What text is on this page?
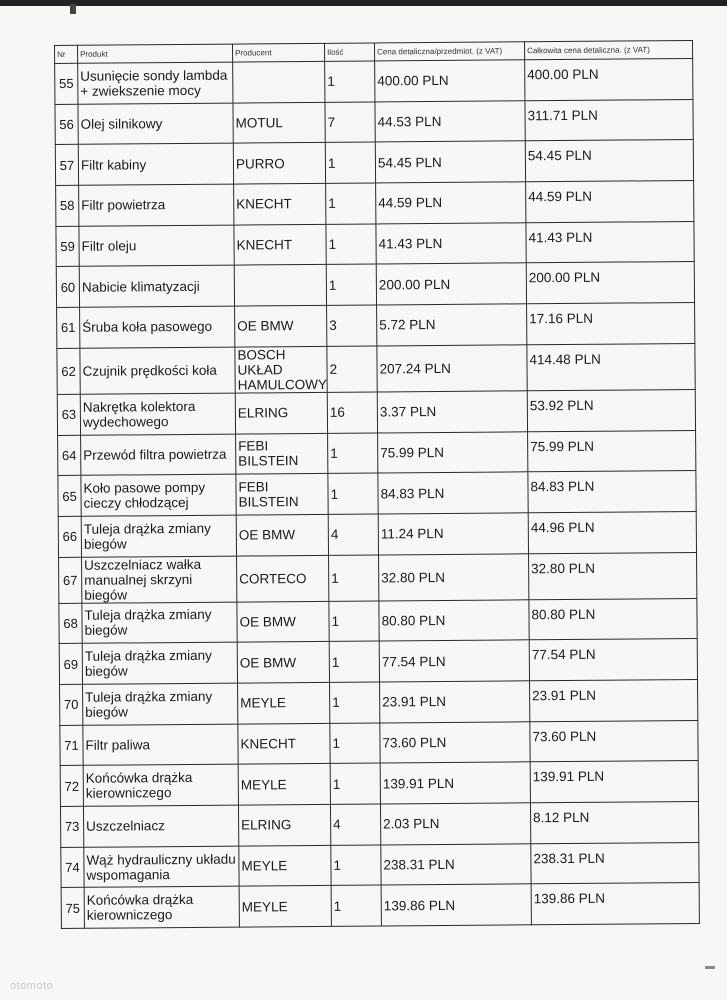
Nr	Produkt	Producent	Ilość	Cena detaliczna/przedmiot. (z VAT)	Całkowita cena detaliczna. (z VAT)
55	Usunięcie sondy lambda + zwiekszenie mocy		1	400.00 PLN	400.00 PLN
56	Olej silnikowy	MOTUL	7	44.53 PLN	311.71 PLN
57	Filtr kabiny	PURRO	1	54.45 PLN	54.45 PLN
58	Filtr powietrza	KNECHT	1	44.59 PLN	44.59 PLN
59	Filtr oleju	KNECHT	1	41.43 PLN	41.43 PLN
60	Nabicie klimatyzacji		1	200.00 PLN	200.00 PLN
61	Śruba koła pasowego	OE BMW	3	5.72 PLN	17.16 PLN
62	Czujnik prędkości koła	BOSCH UKŁAD HAMULCOWY	2	207.24 PLN	414.48 PLN
63	Nakrętka kolektora wydechowego	ELRING	16	3.37 PLN	53.92 PLN
64	Przewód filtra powietrza	FEBI BILSTEIN	1	75.99 PLN	75.99 PLN
65	Koło pasowe pompy cieczy chłodzącej	FEBI BILSTEIN	1	84.83 PLN	84.83 PLN
66	Tuleja drążka zmiany biegów	OE BMW	4	11.24 PLN	44.96 PLN
67	Uszczelniacz wałka manualnej skrzyni biegów	CORTECO	1	32.80 PLN	32.80 PLN
68	Tuleja drążka zmiany biegów	OE BMW	1	80.80 PLN	80.80 PLN
69	Tuleja drążka zmiany biegów	OE BMW	1	77.54 PLN	77.54 PLN
70	Tuleja drążka zmiany biegów	MEYLE	1	23.91 PLN	23.91 PLN
71	Filtr paliwa	KNECHT	1	73.60 PLN	73.60 PLN
72	Końcówka drążka kierowniczego	MEYLE	1	139.91 PLN	139.91 PLN
73	Uszczelniacz	ELRING	4	2.03 PLN	8.12 PLN
74	Wąż hydrauliczny układu wspomagania	MEYLE	1	238.31 PLN	238.31 PLN
75	Końcówka drążka kierowniczego	MEYLE	1	139.86 PLN	139.86 PLN
otomoto
